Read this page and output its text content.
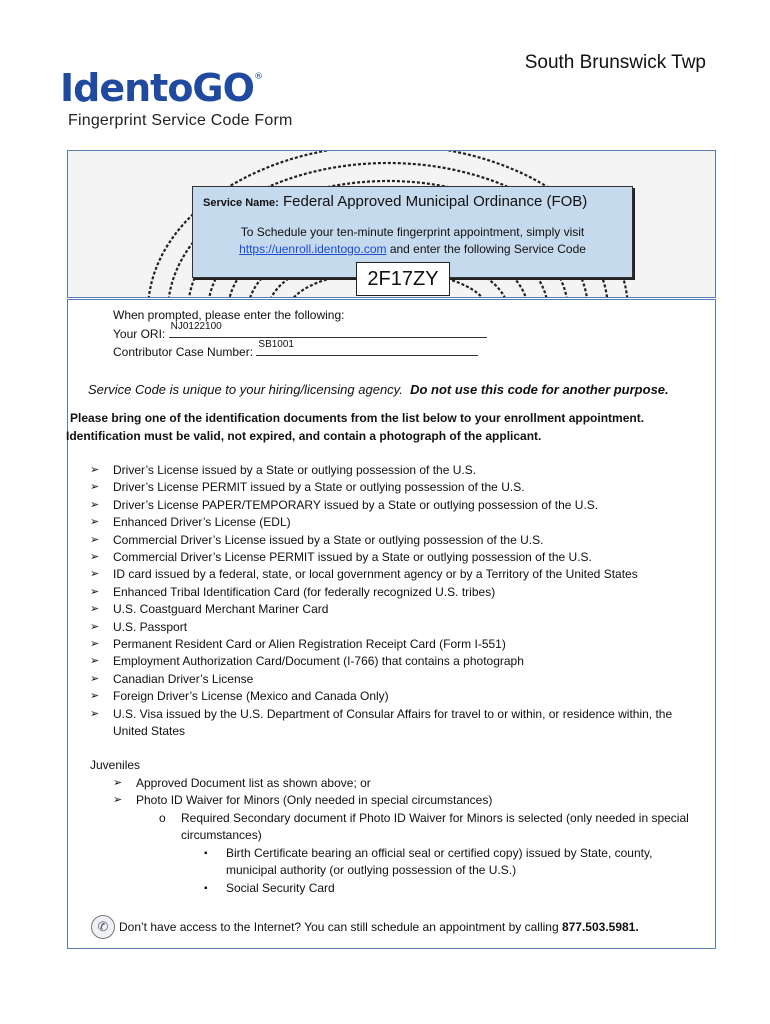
South Brunswick Twp
IdentoGO®
Fingerprint Service Code Form
Service Name: Federal Approved Municipal Ordinance (FOB)
To Schedule your ten-minute fingerprint appointment, simply visit
https://uenroll.identogo.com and enter the following Service Code
2F17ZY
When prompted, please enter the following:
Your ORI:
NJ0122100
Contributor Case Number:
SB1001
Service Code is unique to your hiring/licensing agency. Do not use this code for another purpose.
Please bring one of the identification documents from the list below to your enrollment appointment.
Identification must be valid, not expired, and contain a photograph of the applicant.
➢ Driver’s License issued by a State or outlying possession of the U.S.
➢ Driver’s License PERMIT issued by a State or outlying possession of the U.S.
➢ Driver’s License PAPER/TEMPORARY issued by a State or outlying possession of the U.S.
➢ Enhanced Driver’s License (EDL)
➢ Commercial Driver’s License issued by a State or outlying possession of the U.S.
➢ Commercial Driver’s License PERMIT issued by a State or outlying possession of the U.S.
➢ ID card issued by a federal, state, or local government agency or by a Territory of the United States
➢ Enhanced Tribal Identification Card (for federally recognized U.S. tribes)
➢ U.S. Coastguard Merchant Mariner Card
➢ U.S. Passport
➢ Permanent Resident Card or Alien Registration Receipt Card (Form I-551)
➢ Employment Authorization Card/Document (I-766) that contains a photograph
➢ Canadian Driver’s License
➢ Foreign Driver’s License (Mexico and Canada Only)
➢ U.S. Visa issued by the U.S. Department of Consular Affairs for travel to or within, or residence within, the United States
Juveniles
➢ Approved Document list as shown above; or
➢ Photo ID Waiver for Minors (Only needed in special circumstances)
o Required Secondary document if Photo ID Waiver for Minors is selected (only needed in special circumstances)
▪ Birth Certificate bearing an official seal or certified copy) issued by State, county, municipal authority (or outlying possession of the U.S.)
▪ Social Security Card
✆ Don’t have access to the Internet? You can still schedule an appointment by calling 877.503.5981.
